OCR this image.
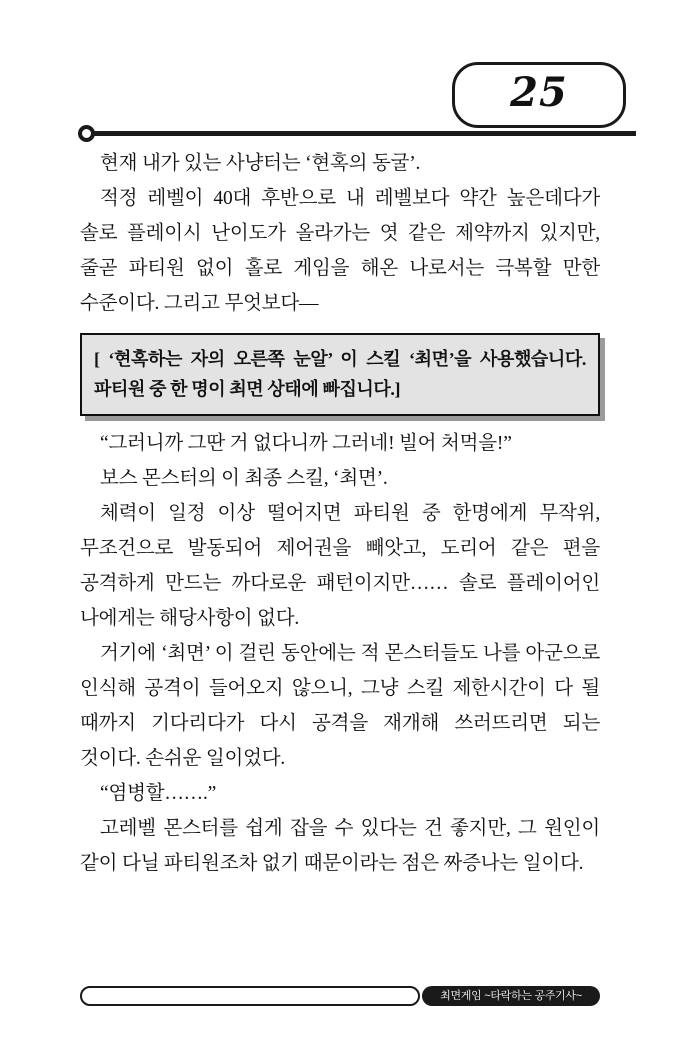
25

현재 내가 있는 사냥터는 ‘현혹의 동굴’.

적정 레벨이 40대 후반으로 내 레벨보다 약간 높은데다가 솔로 플레이시 난이도가 올라가는 엿 같은 제약까지 있지만, 줄곧 파티원 없이 홀로 게임을 해온 나로서는 극복할 만한 수준이다. 그리고 무엇보다—

[ ‘현혹하는 자의 오른쪽 눈알’ 이 스킬 ‘최면’을 사용했습니다. 파티원 중 한 명이 최면 상태에 빠집니다.]

“그러니까 그딴 거 없다니까 그러네! 빌어 처먹을!”

보스 몬스터의 이 최종 스킬, ‘최면’.

체력이 일정 이상 떨어지면 파티원 중 한명에게 무작위, 무조건으로 발동되어 제어권을 빼앗고, 도리어 같은 편을 공격하게 만드는 까다로운 패턴이지만…… 솔로 플레이어인 나에게는 해당사항이 없다.

거기에 ‘최면’ 이 걸린 동안에는 적 몬스터들도 나를 아군으로 인식해 공격이 들어오지 않으니, 그냥 스킬 제한시간이 다 될 때까지 기다리다가 다시 공격을 재개해 쓰러뜨리면 되는 것이다. 손쉬운 일이었다.

“염병할…….”

고레벨 몬스터를 쉽게 잡을 수 있다는 건 좋지만, 그 원인이 같이 다닐 파티원조차 없기 때문이라는 점은 짜증나는 일이다.

최면게임 ~타락하는 공주기사~
